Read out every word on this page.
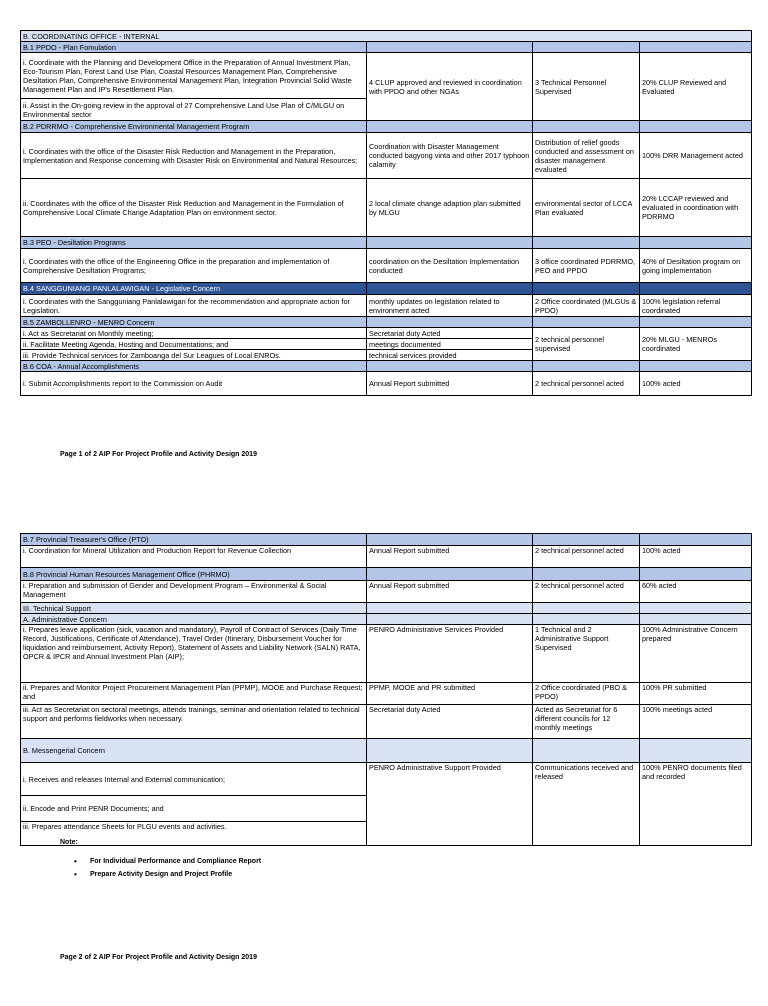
B. COORDINATING OFFICE - INTERNAL			
B.1 PPDO - Plan Fomulation			
i. Coordinate with the Planning and Development Office in the Preparation of Annual Investment Plan, Eco-Tourism Plan, Forest Land Use Plan, Coastal Resources Management Plan, Comprehensive Desiltation Plan, Comprehensive Environmental Management Plan, Integration Provincial Solid Waste Management Plan and IP's Resettlement Plan.	4 CLUP approved and reviewed in coordination with PPDO and other NGAs	3 Technical Personnel Supervised	20% CLUP Reviewed and Evaluated
ii. Assist in the On-going review in the approval of 27 Comprehensive Land Use Plan of C/MLGU on Environmental sector			
B.2 PDRRMO - Comprehensive Environmental Management Program			
i. Coordinates with the office of the Disaster Risk Reduction and Management in the Preparation, Implementation and Response concerning with Disaster Risk on Environmental and Natural Resources;	Coordination with Disaster Management conducted bagyong vinta and other 2017 typhoon calamity	Distribution of relief goods conducted and assessment on disaster management evaluated	100% DRR Management acted
ii. Coordinates with the office of the Disaster Risk Reduction and Management in the Formulation of Comprehensive Local Climate Change Adaptation Plan on environment sector.	2 local climate change adaption plan submitted by MLGU	environmental sector of LCCA Plan evaluated	20% LCCAP reviewed and evaluated in coordination with PDRRMO
B.3 PEO - Desiltation Programs			
i. Coordinates with the office of the Engineering Office in the preparation and implementation of Comprehensive Desiltation Programs;	coordination on the Desiltation Implementation conducted	3 office coordinated PDRRMO, PEO and PPDO	40% of Desiltation program on going implementation
B.4 SANGGUNIANG PANLALAWIGAN - Legislative Concern			
i. Coordinates with the Sangguniang Panlalawigan for the recommendation and appropriate action for Legislation.	monthly updates on legislation related to environment acted	2 Office coordinated (MLGUs & PPDO)	100% legislation referral coordinated
B.5 ZAMBOLLENRO - MENRO Concern			
i. Act as Secretariat on Monthly meeting;	Secretariat duty Acted	2 technical personnel supervised	20% MLGU - MENROs coordinated
ii. Facilitate Meeting Agenda, Hosting and Documentations; and	meetings documented		
iii. Provide Technical services for Zamboanga del Sur Leagues of Local ENROs.	technical services provided		
B.6 COA - Annual Accomplishments			
i. Submit Accomplishments report to the Commission on Audit	Annual Report submitted	2 technical personnel acted	100% acted
Page 1 of 2 AIP For Project Profile and Activity Design 2019
B.7 Provincial Treasurer's Office (PTO)			
i. Coordination for Mineral Utilization and Production Report for Revenue Collection	Annual Report submitted	2 technical personnel acted	100% acted
B.8 Provincial Human Resources Management Office (PHRMO)			
i. Preparation and submission of Gender and Development Program – Environmental & Social Management	Annual Report submitted	2 technical personnel acted	60% acted
III. Technical Support			
A. Administrative Concern			
i. Prepares leave application (sick, vacation and mandatory), Payroll of Contract of Services (Daily Time Record, Justifications, Certificate of Attendance), Travel Order (Itinerary, Disbursement Voucher for liquidation and reimbursement, Activity Report), Statement of Assets and Liability Network (SALN) RATA, OPCR & IPCR and Annual Investment Plan (AIP);	PENRO Administrative Services Provided	1 Technical and 2 Administrative Support Supervised	100% Administrative Concern prepared
ii. Prepares and Monitor Project Procurement Management Plan (PPMP), MOOE and Purchase Request; and	PPMP, MOOE and PR submitted	2 Office coordinated (PBO & PPDO)	100% PR submitted
iii. Act as Secretariat on sectoral meetings, attends trainings, seminar and orientation related to technical support and performs fieldworks when necessary.	Secretariat duty Acted	Acted as Secretariat for 6 different councils for 12 monthly meetings	100% meetings acted
B. Messengerial Concern			
i. Receives and releases Internal and External communication;	PENRO Administrative Support Provided	Communications received and released	100% PENRO documents filed and recorded
ii. Encode and Print PENR Documents; and			
iii. Prepares attendance Sheets for PLGU events and activities.			
Note:
• For Individual Performance and Compliance Report
• Prepare Activity Design and Project Profile
Page 2 of 2 AIP For Project Profile and Activity Design 2019
